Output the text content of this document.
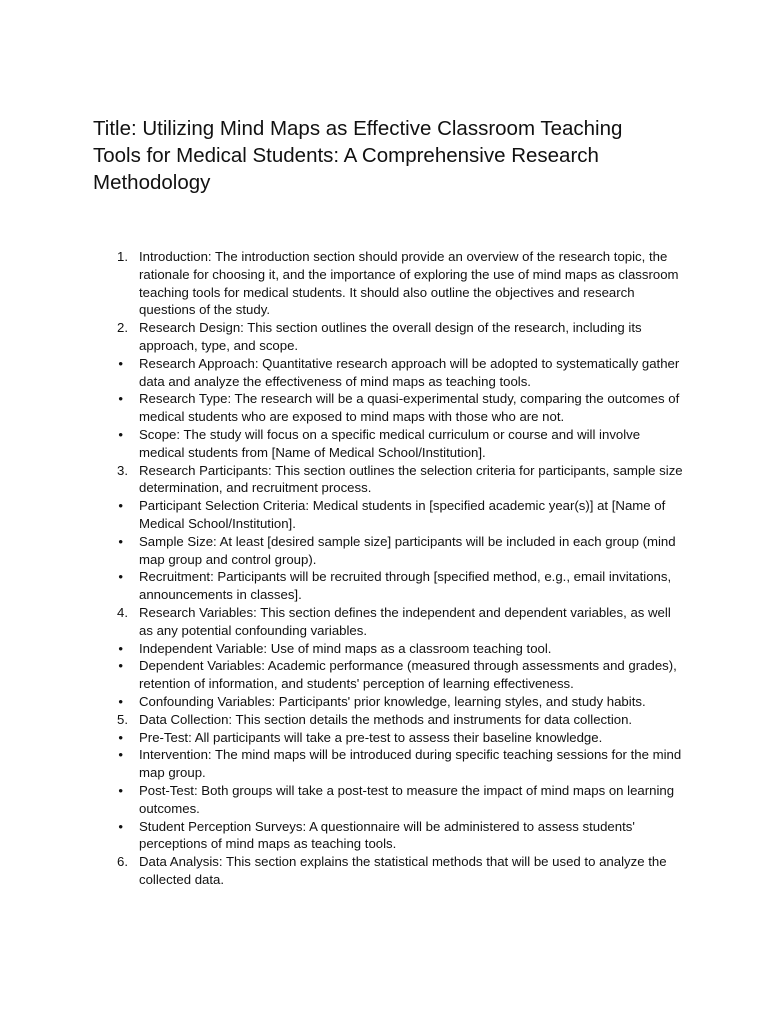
Title: Utilizing Mind Maps as Effective Classroom Teaching Tools for Medical Students: A Comprehensive Research Methodology
1. Introduction: The introduction section should provide an overview of the research topic, the rationale for choosing it, and the importance of exploring the use of mind maps as classroom teaching tools for medical students. It should also outline the objectives and research questions of the study.
2. Research Design: This section outlines the overall design of the research, including its approach, type, and scope.
• Research Approach: Quantitative research approach will be adopted to systematically gather data and analyze the effectiveness of mind maps as teaching tools.
• Research Type: The research will be a quasi-experimental study, comparing the outcomes of medical students who are exposed to mind maps with those who are not.
• Scope: The study will focus on a specific medical curriculum or course and will involve medical students from [Name of Medical School/Institution].
3. Research Participants: This section outlines the selection criteria for participants, sample size determination, and recruitment process.
• Participant Selection Criteria: Medical students in [specified academic year(s)] at [Name of Medical School/Institution].
• Sample Size: At least [desired sample size] participants will be included in each group (mind map group and control group).
• Recruitment: Participants will be recruited through [specified method, e.g., email invitations, announcements in classes].
4. Research Variables: This section defines the independent and dependent variables, as well as any potential confounding variables.
• Independent Variable: Use of mind maps as a classroom teaching tool.
• Dependent Variables: Academic performance (measured through assessments and grades), retention of information, and students' perception of learning effectiveness.
• Confounding Variables: Participants' prior knowledge, learning styles, and study habits.
5. Data Collection: This section details the methods and instruments for data collection.
• Pre-Test: All participants will take a pre-test to assess their baseline knowledge.
• Intervention: The mind maps will be introduced during specific teaching sessions for the mind map group.
• Post-Test: Both groups will take a post-test to measure the impact of mind maps on learning outcomes.
• Student Perception Surveys: A questionnaire will be administered to assess students' perceptions of mind maps as teaching tools.
6. Data Analysis: This section explains the statistical methods that will be used to analyze the collected data.
